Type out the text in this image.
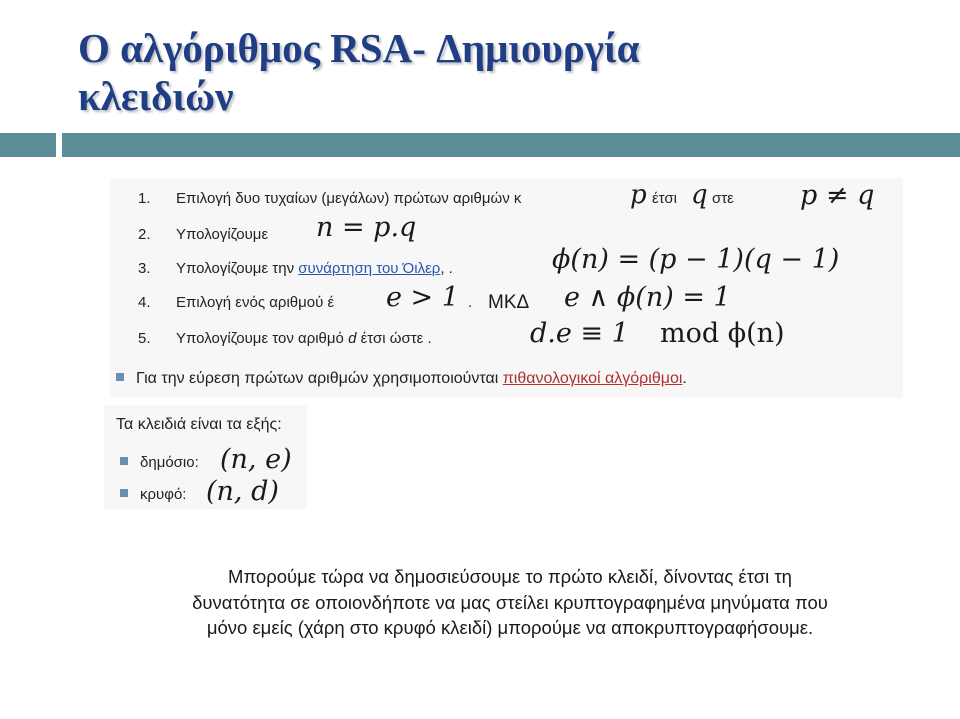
Ο αλγόριθμος RSA- Δημιουργία
κλειδιών
1. Επιλογή δυο τυχαίων (μεγάλων) πρώτων αριθμών κ	p έτσι q στε p ≠ q
2. Υπολογίζουμε n = p.q
3. Υπολογίζουμε την συνάρτηση του Όιλερ, .	ϕ(n) = (p − 1)(q − 1)
4. Επιλογή ενός αριθμού έ e > 1 . ΜΚΔ e ∧ ϕ(n) = 1
5. Υπολογίζουμε τον αριθμό d έτσι ώστε .	d.e ≡ 1 mod ϕ(n)
Για την εύρεση πρώτων αριθμών χρησιμοποιούνται πιθανολογικοί αλγόριθμοι.
Τα κλειδιά είναι τα εξής:
δημόσιο: (n, e)
κρυφό: (n, d)
Μπορούμε τώρα να δημοσιεύσουμε το πρώτο κλειδί, δίνοντας έτσι τη
δυνατότητα σε οποιονδήποτε να μας στείλει κρυπτογραφημένα μηνύματα που
μόνο εμείς (χάρη στο κρυφό κλειδί) μπορούμε να αποκρυπτογραφήσουμε.
